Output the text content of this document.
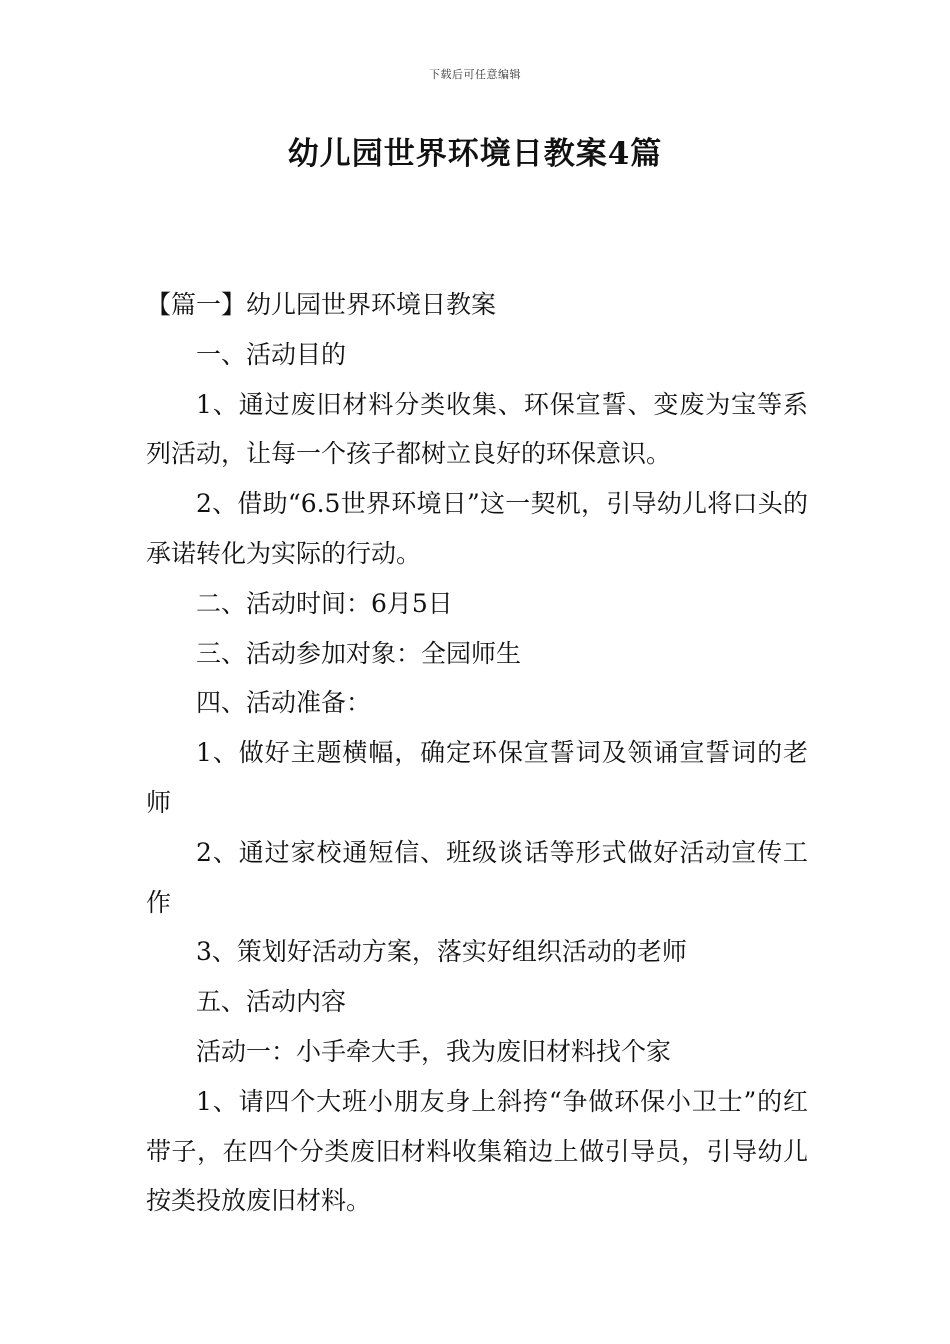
下载后可任意编辑
幼儿园世界环境日教案4篇

【篇一】幼儿园世界环境日教案

一、活动目的

1、通过废旧材料分类收集、环保宣誓、变废为宝等系列活动，让每一个孩子都树立良好的环保意识。

2、借助“6.5世界环境日”这一契机，引导幼儿将口头的承诺转化为实际的行动。

二、活动时间：6月5日

三、活动参加对象：全园师生

四、活动准备：

1、做好主题横幅，确定环保宣誓词及领诵宣誓词的老师

2、通过家校通短信、班级谈话等形式做好活动宣传工作

3、策划好活动方案，落实好组织活动的老师

五、活动内容

活动一：小手牵大手，我为废旧材料找个家

1、请四个大班小朋友身上斜挎“争做环保小卫士”的红带子，在四个分类废旧材料收集箱边上做引导员，引导幼儿按类投放废旧材料。
